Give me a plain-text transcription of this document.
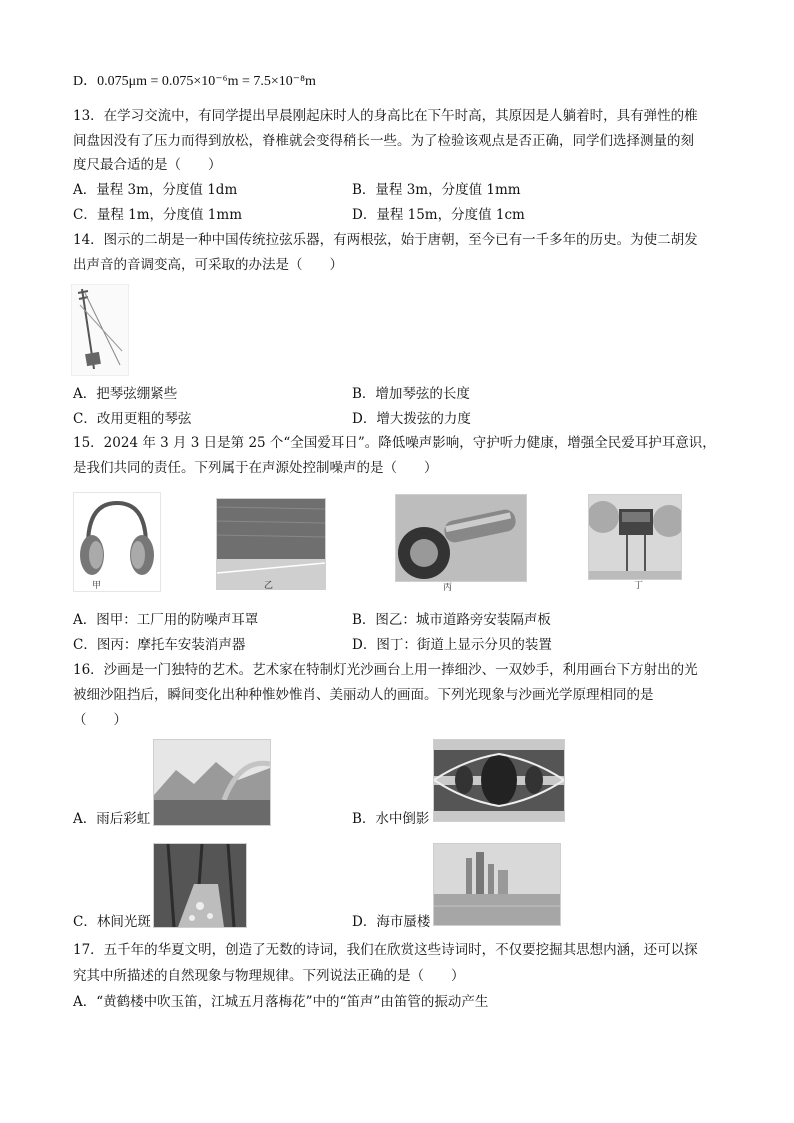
D．0.075μm = 0.075×10⁻⁶m = 7.5×10⁻⁸m
13．在学习交流中，有同学提出早晨刚起床时人的身高比在下午时高，其原因是人躺着时，具有弹性的椎
间盘因没有了压力而得到放松，脊椎就会变得稍长一些。为了检验该观点是否正确，同学们选择测量的刻
度尺最合适的是（　　）
A．量程 3m，分度值 1dm	B．量程 3m，分度值 1mm
C．量程 1m，分度值 1mm	D．量程 15m，分度值 1cm
14．图示的二胡是一种中国传统拉弦乐器，有两根弦，始于唐朝，至今已有一千多年的历史。为使二胡发
出声音的音调变高，可采取的办法是（　　）
A．把琴弦绷紧些	B．增加琴弦的长度
C．改用更粗的琴弦	D．增大拨弦的力度
15．2024 年 3 月 3 日是第 25 个“全国爱耳日”。降低噪声影响，守护听力健康，增强全民爱耳护耳意识，
是我们共同的责任。下列属于在声源处控制噪声的是（　　）
甲	乙	丙	丁
A．图甲：工厂用的防噪声耳罩	B．图乙：城市道路旁安装隔声板
C．图丙：摩托车安装消声器	D．图丁：街道上显示分贝的装置
16．沙画是一门独特的艺术。艺术家在特制灯光沙画台上用一捧细沙、一双妙手，利用画台下方射出的光
被细沙阻挡后，瞬间变化出种种惟妙惟肖、美丽动人的画面。下列光现象与沙画光学原理相同的是
（　　）
A．雨后彩虹	B．水中倒影
C．林间光斑	D．海市蜃楼
17．五千年的华夏文明，创造了无数的诗词，我们在欣赏这些诗词时，不仅要挖掘其思想内涵，还可以探
究其中所描述的自然现象与物理规律。下列说法正确的是（　　）
A．“黄鹤楼中吹玉笛，江城五月落梅花”中的“笛声”由笛管的振动产生
